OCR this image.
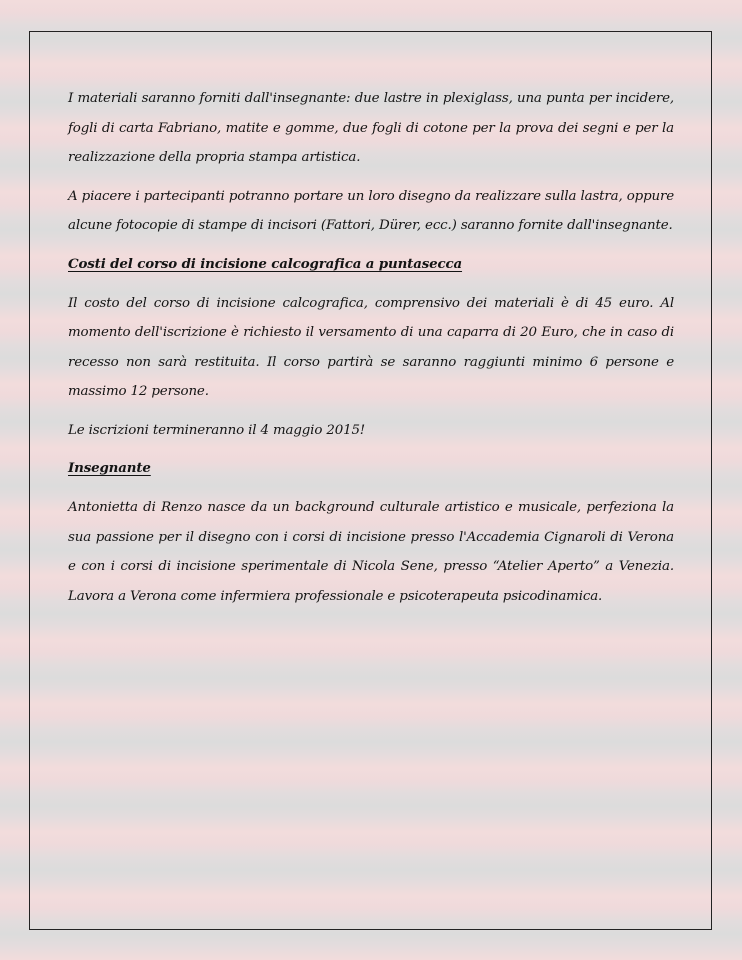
I materiali saranno forniti dall'insegnante: due lastre in plexiglass, una punta per incidere, fogli di carta Fabriano, matite e gomme, due fogli di cotone per la prova dei segni e per la realizzazione della propria stampa artistica.

A piacere i partecipanti potranno portare un loro disegno da realizzare sulla lastra, oppure alcune fotocopie di stampe di incisori (Fattori, Dürer, ecc.) saranno fornite dall'insegnante.

Costi del corso di incisione calcografica a puntasecca

Il costo del corso di incisione calcografica, comprensivo dei materiali è di 45 euro. Al momento dell'iscrizione è richiesto il versamento di una caparra di 20 Euro, che in caso di recesso non sarà restituita. Il corso partirà se saranno raggiunti minimo 6 persone e massimo 12 persone.

Le iscrizioni termineranno il 4 maggio 2015!

Insegnante

Antonietta di Renzo nasce da un background culturale artistico e musicale, perfeziona la sua passione per il disegno con i corsi di incisione presso l'Accademia Cignaroli di Verona e con i corsi di incisione sperimentale di Nicola Sene, presso “Atelier Aperto” a Venezia. Lavora a Verona come infermiera professionale e psicoterapeuta psicodinamica.
